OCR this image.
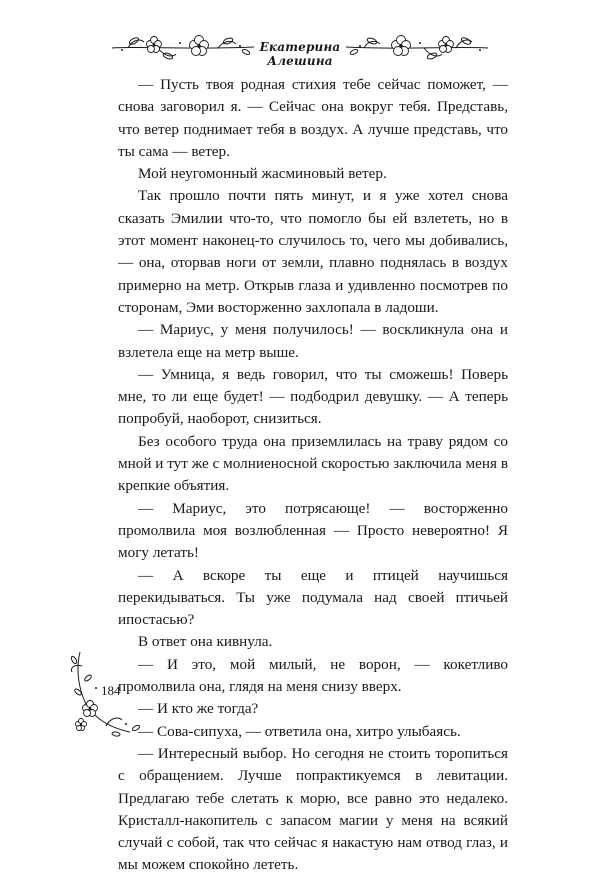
Екатерина Алешина

— Пусть твоя родная стихия тебе сейчас поможет, — снова заговорил я. — Сейчас она вокруг тебя. Представь, что ветер поднимает тебя в воздух. А лучше представь, что ты сама — ветер.

Мой неугомонный жасминовый ветер.

Так прошло почти пять минут, и я уже хотел снова сказать Эмилии что-то, что помогло бы ей взлететь, но в этот момент наконец-то случилось то, чего мы добивались, — она, оторвав ноги от земли, плавно поднялась в воздух примерно на метр. Открыв глаза и удивленно посмотрев по сторонам, Эми восторженно захлопала в ладоши.

— Мариус, у меня получилось! — воскликнула она и взлетела еще на метр выше.

— Умница, я ведь говорил, что ты сможешь! Поверь мне, то ли еще будет! — подбодрил девушку. — А теперь попробуй, наоборот, снизиться.

Без особого труда она приземлилась на траву рядом со мной и тут же с молниеносной скоростью заключила меня в крепкие объятия.

— Мариус, это потрясающе! — восторженно промолвила моя возлюбленная — Просто невероятно! Я могу летать!

— А вскоре ты еще и птицей научишься перекидываться. Ты уже подумала над своей птичьей ипостасью?

В ответ она кивнула.

— И это, мой милый, не ворон, — кокетливо промолвила она, глядя на меня снизу вверх.

— И кто же тогда?

— Сова-сипуха, — ответила она, хитро улыбаясь.

— Интересный выбор. Но сегодня не стоить торопиться с обращением. Лучше попрактикуемся в левитации. Предлагаю тебе слетать к морю, все равно это недалеко. Кристалл-накопитель с запасом магии у меня на всякий случай с собой, так что сейчас я накастую нам отвод глаз, и мы можем спокойно лететь.

184
